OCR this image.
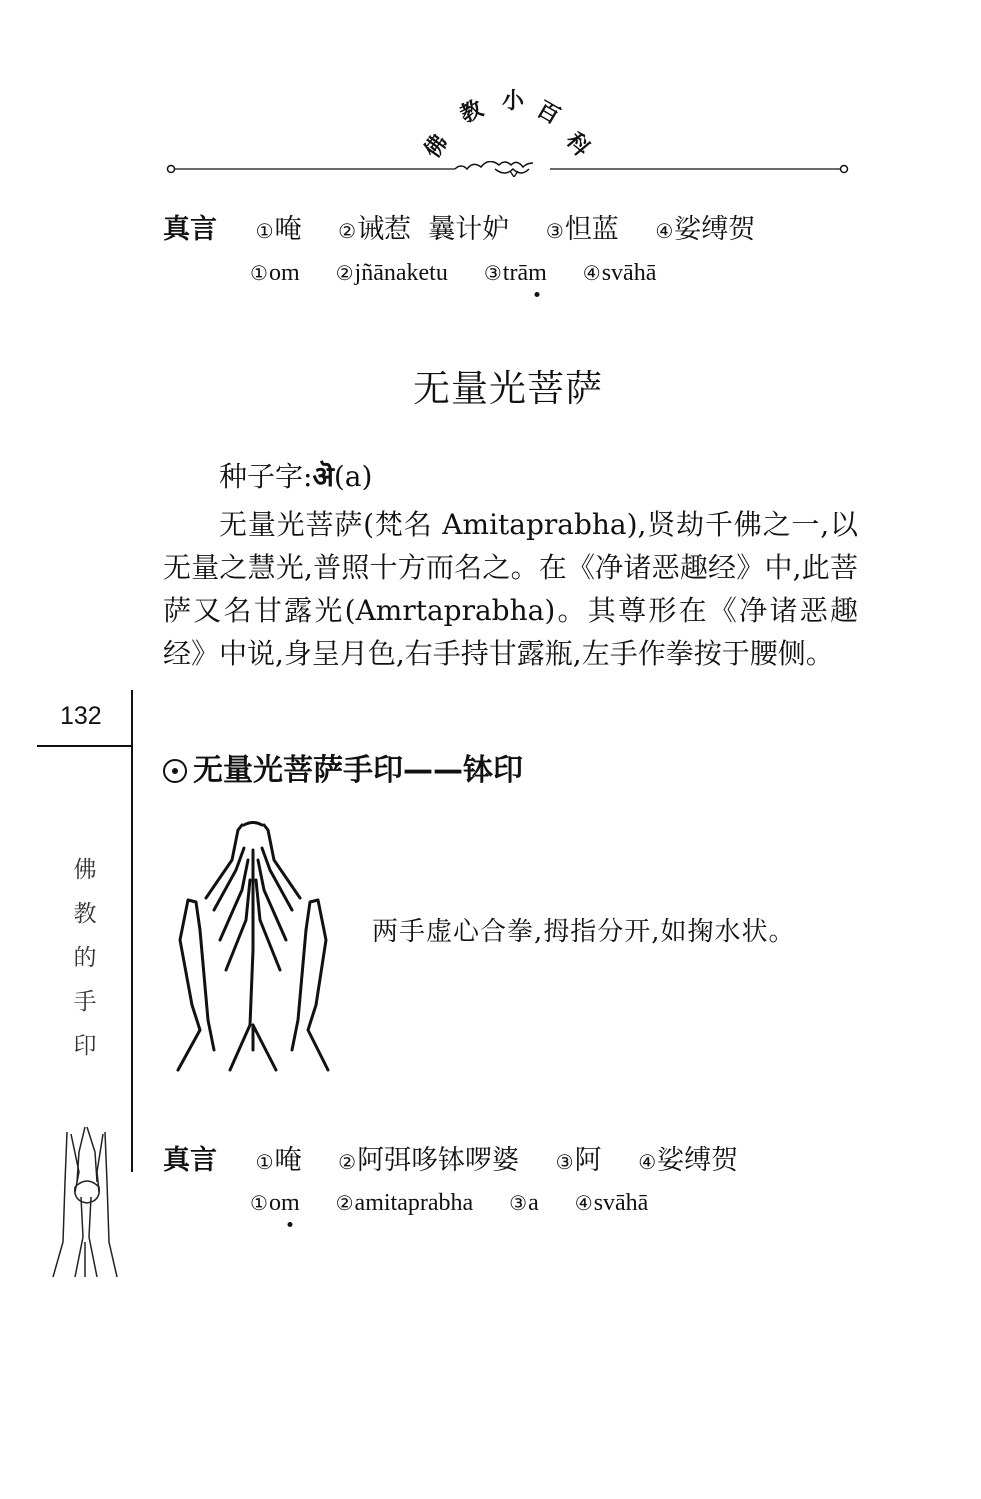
佛
教 小 百
科
真言 ①唵 ②诫惹  曩计妒 ③怛蓝 ④娑缚贺
①om ②jñānaketu ③trām ④svāhā
无量光菩萨
种子字:ऄ(a)

无量光菩萨(梵名 Amitaprabha),贤劫千佛之一,以无量之慧光,普照十方而名之。在《净诸恶趣经》中,此菩萨又名甘露光(Amrtaprabha)。其尊形在《净诸恶趣经》中说,身呈月色,右手持甘露瓶,左手作拳按于腰侧。

132
佛
教
的
手
印
无量光菩萨手印——钵印
两手虚心合拳,拇指分开,如掬水状。
真言 ①唵 ②阿弭哆钵啰婆 ③阿 ④娑缚贺
①om ②amitaprabha ③a ④svāhā
